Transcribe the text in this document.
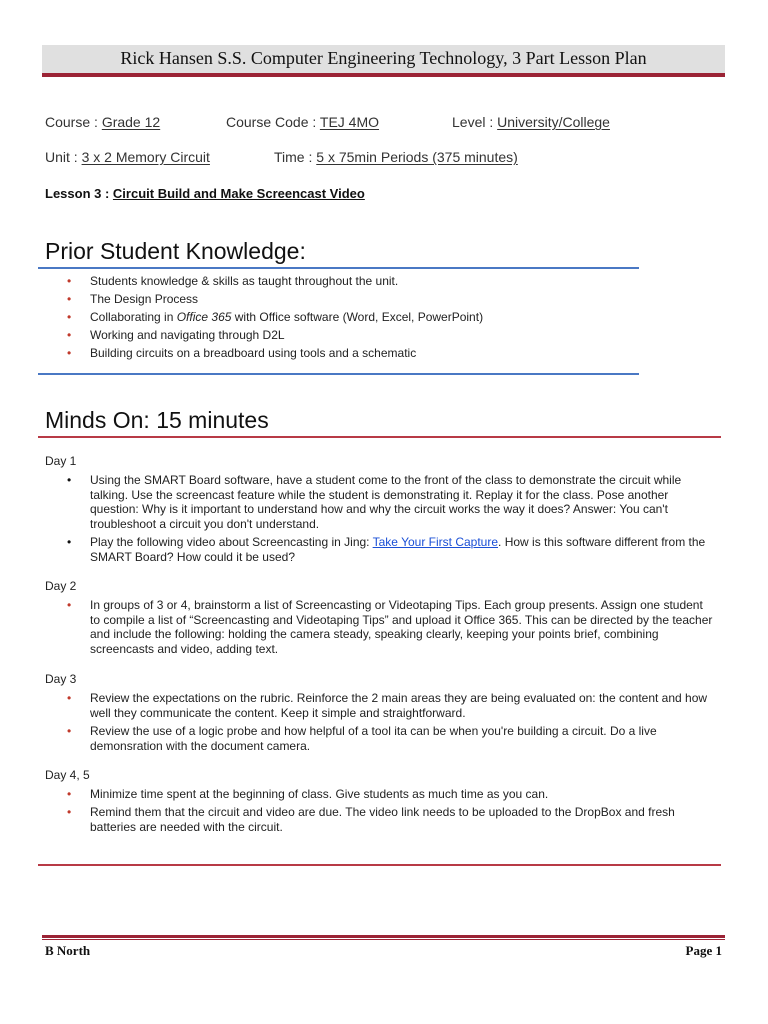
Rick Hansen S.S. Computer Engineering Technology, 3 Part Lesson Plan
Course : Grade 12	Course Code : TEJ 4MO	Level : University/College
Unit : 3 x 2 Memory Circuit	Time : 5 x 75min Periods (375 minutes)
Lesson 3 : Circuit Build and Make Screencast Video
Prior Student Knowledge:
• Students knowledge & skills as taught throughout the unit.
• The Design Process
• Collaborating in Office 365 with Office software (Word, Excel, PowerPoint)
• Working and navigating through D2L
• Building circuits on a breadboard using tools and a schematic
Minds On: 15 minutes
Day 1
• Using the SMART Board software, have a student come to the front of the class to demonstrate the circuit while talking. Use the screencast feature while the student is demonstrating it. Replay it for the class. Pose another question: Why is it important to understand how and why the circuit works the way it does? Answer: You can't troubleshoot a circuit you don't understand.
• Play the following video about Screencasting in Jing: Take Your First Capture. How is this software different from the SMART Board? How could it be used?
Day 2
• In groups of 3 or 4, brainstorm a list of Screencasting or Videotaping Tips. Each group presents. Assign one student to compile a list of “Screencasting and Videotaping Tips” and upload it Office 365. This can be directed by the teacher and include the following: holding the camera steady, speaking clearly, keeping your points brief, combining screencasts and video, adding text.
Day 3
• Review the expectations on the rubric. Reinforce the 2 main areas they are being evaluated on: the content and how well they communicate the content. Keep it simple and straightforward.
• Review the use of a logic probe and how helpful of a tool ita can be when you're building a circuit. Do a live demonsration with the document camera.
Day 4, 5
• Minimize time spent at the beginning of class. Give students as much time as you can.
• Remind them that the circuit and video are due. The video link needs to be uploaded to the DropBox and fresh batteries are needed with the circuit.
B North	Page 1
